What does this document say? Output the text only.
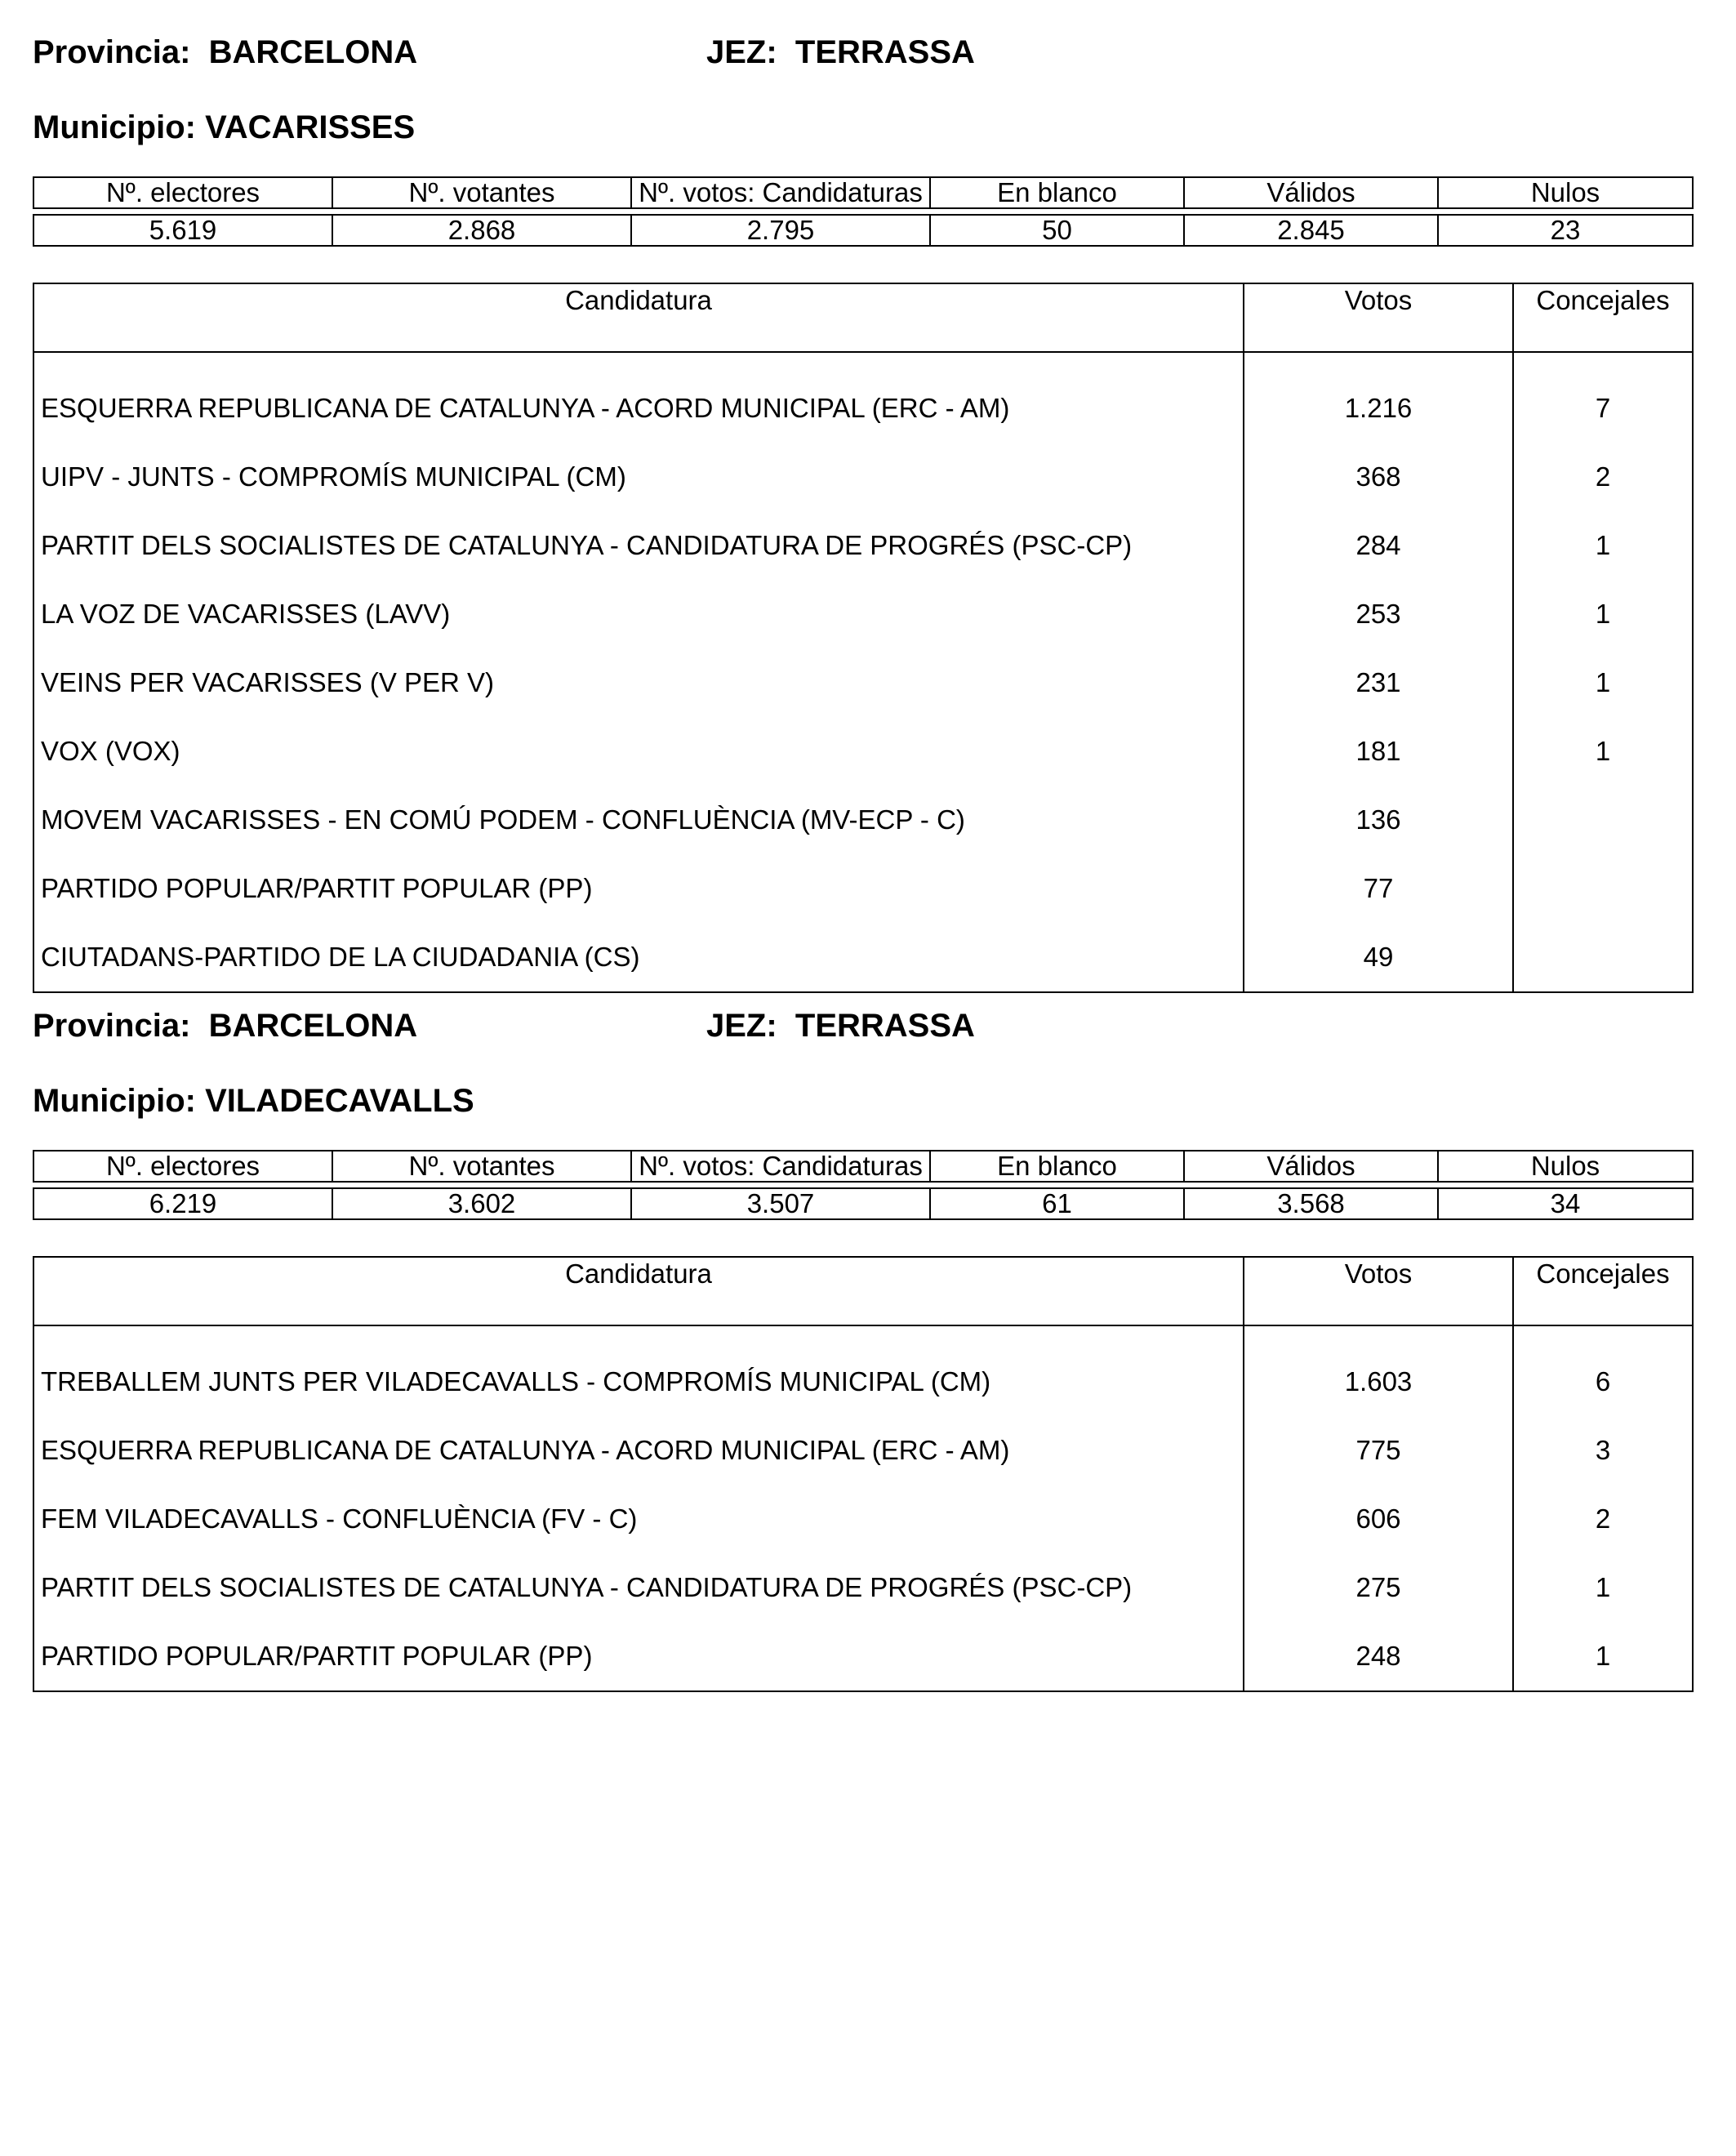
Provincia:  BARCELONA	JEZ:  TERRASSA
Municipio: VACARISSES
Nº. electores	Nº. votantes	Nº. votos: Candidaturas	En blanco	Válidos	Nulos

5.619	2.868	2.795	50	2.845	23
Candidatura	Votos	Concejales
ESQUERRA REPUBLICANA DE CATALUNYA - ACORD MUNICIPAL (ERC - AM)	1.216	7
UIPV - JUNTS - COMPROMÍS MUNICIPAL (CM)	368	2
PARTIT DELS SOCIALISTES DE CATALUNYA - CANDIDATURA DE PROGRÉS (PSC-CP)	284	1
LA VOZ DE VACARISSES (LAVV)	253	1
VEINS PER VACARISSES (V PER V)	231	1
VOX (VOX)	181	1
MOVEM VACARISSES - EN COMÚ PODEM - CONFLUÈNCIA (MV-ECP - C)	136	
PARTIDO POPULAR/PARTIT POPULAR (PP)	77	
CIUTADANS-PARTIDO DE LA CIUDADANIA (CS)	49	
Provincia:  BARCELONA	JEZ:  TERRASSA
Municipio: VILADECAVALLS
Nº. electores	Nº. votantes	Nº. votos: Candidaturas	En blanco	Válidos	Nulos

6.219	3.602	3.507	61	3.568	34
Candidatura	Votos	Concejales
TREBALLEM JUNTS PER VILADECAVALLS - COMPROMÍS MUNICIPAL (CM)	1.603	6
ESQUERRA REPUBLICANA DE CATALUNYA - ACORD MUNICIPAL (ERC - AM)	775	3
FEM VILADECAVALLS - CONFLUÈNCIA (FV - C)	606	2
PARTIT DELS SOCIALISTES DE CATALUNYA - CANDIDATURA DE PROGRÉS (PSC-CP)	275	1
PARTIDO POPULAR/PARTIT POPULAR (PP)	248	1
